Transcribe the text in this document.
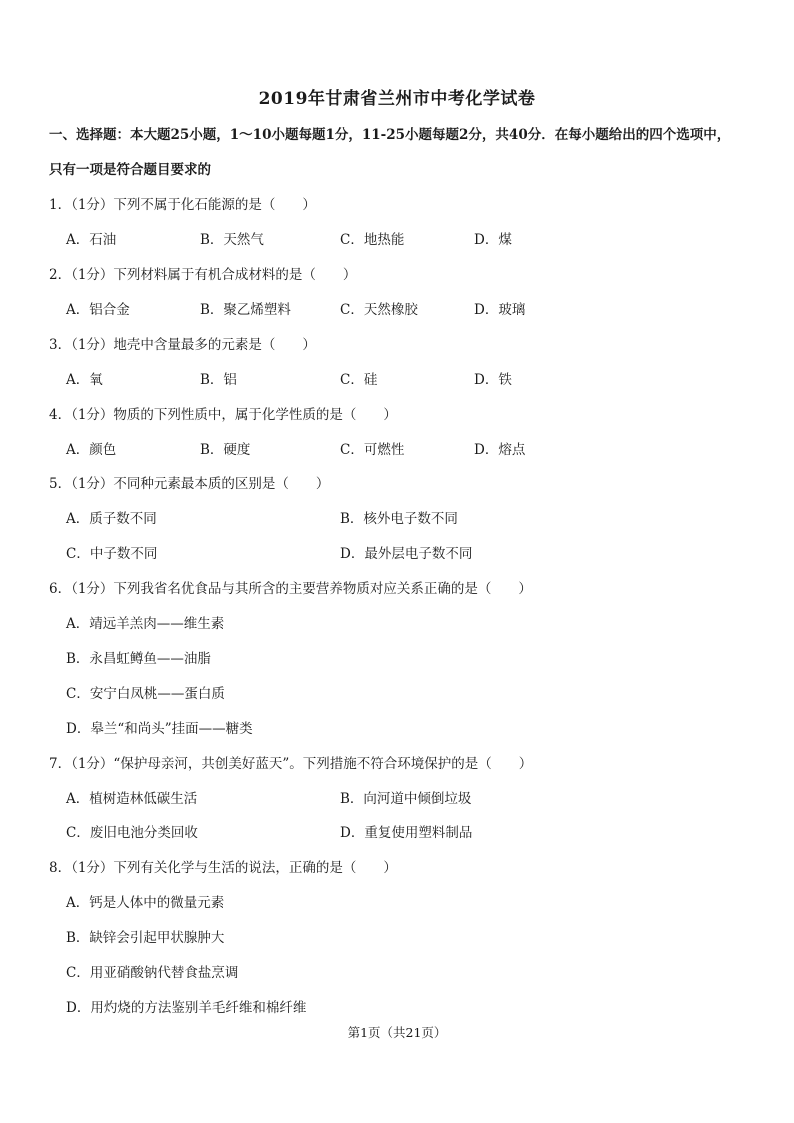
2019年甘肃省兰州市中考化学试卷
一、选择题：本大题25小题，1～10小题每题1分，11-25小题每题2分，共40分．在每小题给出的四个选项中，
只有一项是符合题目要求的
1．（1分）下列不属于化石能源的是（　　）
A．石油	B．天然气	C．地热能	D．煤
2．（1分）下列材料属于有机合成材料的是（　　）
A．铝合金	B．聚乙烯塑料	C．天然橡胶	D．玻璃
3．（1分）地壳中含量最多的元素是（　　）
A．氧	B．铝	C．硅	D．铁
4．（1分）物质的下列性质中，属于化学性质的是（　　）
A．颜色	B．硬度	C．可燃性	D．熔点
5．（1分）不同种元素最本质的区别是（　　）
A．质子数不同	B．核外电子数不同
C．中子数不同	D．最外层电子数不同
6．（1分）下列我省名优食品与其所含的主要营养物质对应关系正确的是（　　）
A．靖远羊羔肉——维生素
B．永昌虹鳟鱼——油脂
C．安宁白凤桃——蛋白质
D．皋兰“和尚头”挂面——糖类
7．（1分）“保护母亲河，共创美好蓝天”。下列措施不符合环境保护的是（　　）
A．植树造林低碳生活	B．向河道中倾倒垃圾
C．废旧电池分类回收	D．重复使用塑料制品
8．（1分）下列有关化学与生活的说法，正确的是（　　）
A．钙是人体中的微量元素
B．缺锌会引起甲状腺肿大
C．用亚硝酸钠代替食盐烹调
D．用灼烧的方法鉴别羊毛纤维和棉纤维
第1页（共21页）
